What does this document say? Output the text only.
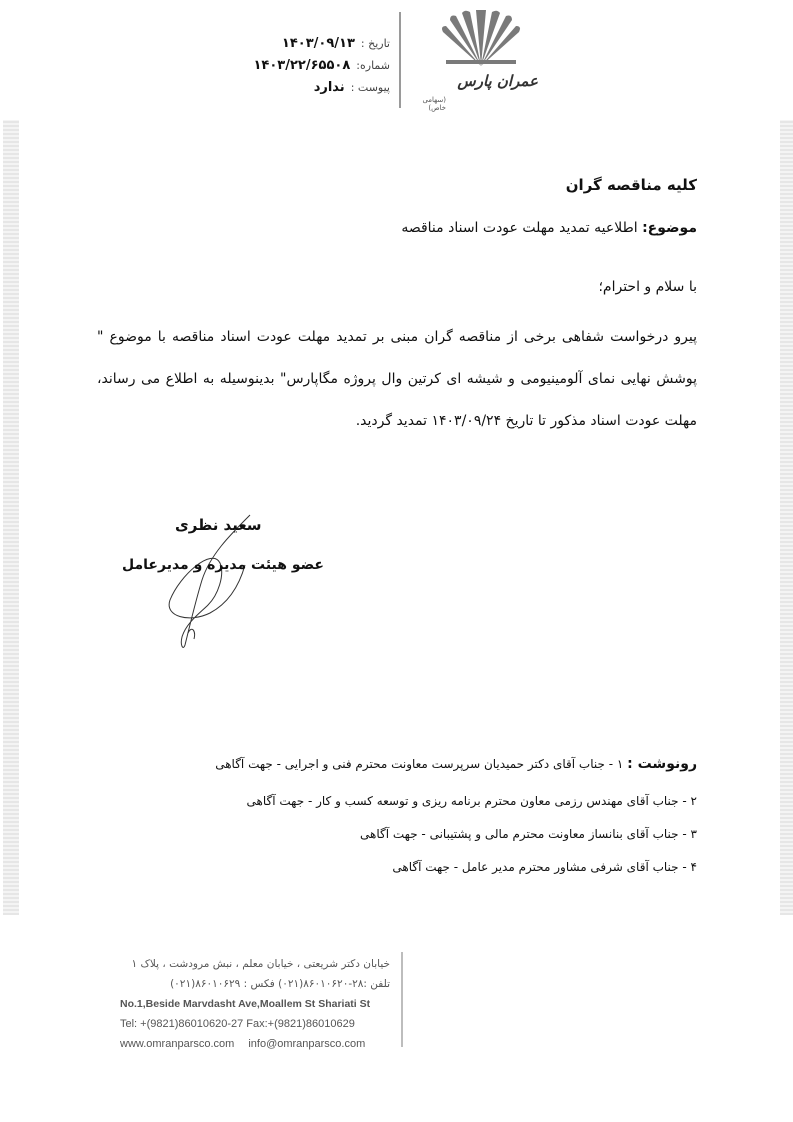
عمران پارس
(سهامی خاص)
تاریخ :
۱۴۰۳/۰۹/۱۳
شماره:
۱۴۰۳/۲۲/۶۵۵۰۸
پیوست :
ندارد
کلیه مناقصه گران
موضوع: اطلاعیه تمدید مهلت عودت اسناد مناقصه
با سلام و احترام؛
پیرو درخواست شفاهی برخی از مناقصه گران مبنی بر تمدید مهلت عودت اسناد مناقصه با موضوع " پوشش نهایی نمای آلومینیومی و شیشه ای کرتین وال پروژه مگاپارس" بدینوسیله به اطلاع می رساند، مهلت عودت اسناد مذکور تا تاریخ ۱۴۰۳/۰۹/۲۴ تمدید گردید.
سعید نظری
عضو هیئت مدیره و مدیرعامل
رونوشت : ۱ - جناب آقای دکتر حمیدیان سرپرست معاونت محترم فنی و اجرایی - جهت آگاهی
۲ - جناب آقای مهندس رزمی معاون محترم برنامه ریزی و توسعه کسب و کار - جهت آگاهی
۳ - جناب آقای بنانساز معاونت محترم مالی و پشتیبانی - جهت آگاهی
۴ - جناب آقای شرفی مشاور محترم مدیر عامل - جهت آگاهی
خیابان دکتر شریعتی ، خیابان معلم ، نبش مرودشت ، پلاک ۱
تلفن :۲۸-۸۶۰۱۰۶۲۰(۰۲۱) فکس : ۸۶۰۱۰۶۲۹(۰۲۱)
No.1,Beside Marvdasht Ave,Moallem St Shariati St
Tel: +(9821)86010620-27 Fax:+(9821)86010629
www.omranparsco.com info@omranparsco.com
